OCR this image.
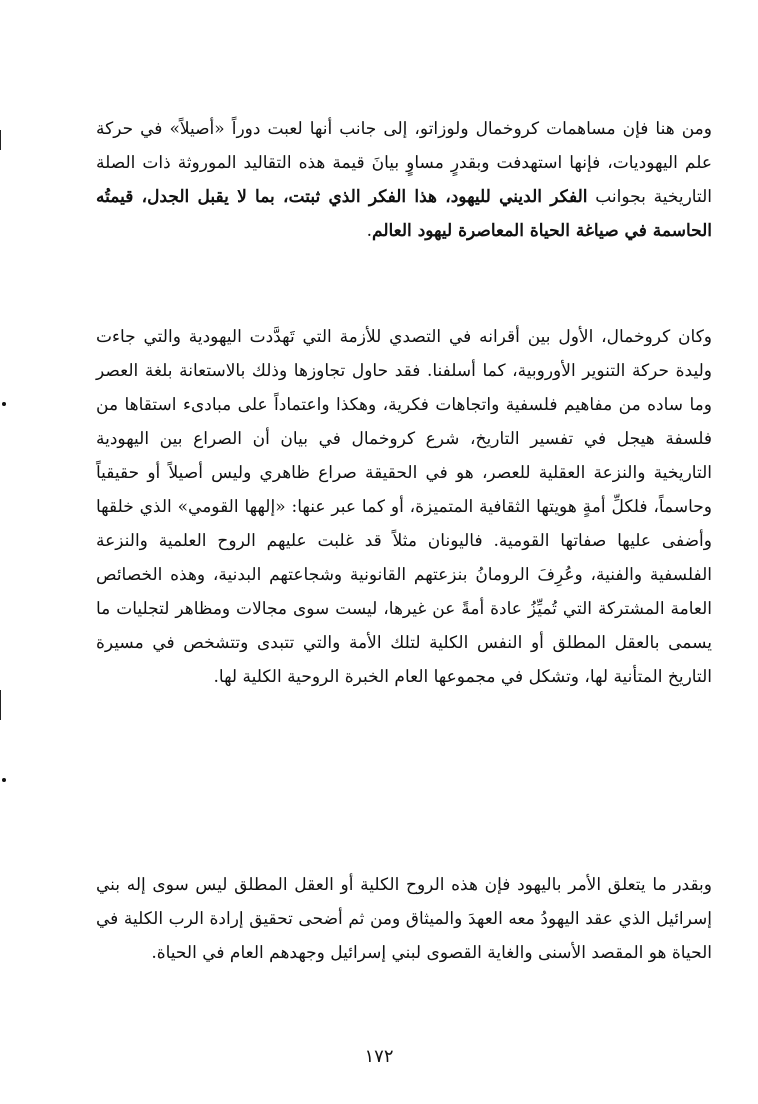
ومن هنا فإن مساهمات كروخمال ولوزاتو، إلى جانب أنها لعبت دوراً «أصيلاً» في حركة علم اليهوديات، فإنها استهدفت وبقدرٍ مساوٍ بيانَ قيمة هذه التقاليد الموروثة ذات الصلة التاريخية بجوانب الفكر الديني لليهود، هذا الفكر الذي ثبتت، بما لا يقبل الجدل، قيمتُه الحاسمة في صياغة الحياة المعاصرة ليهود العالم.

وكان كروخمال، الأول بين أقرانه في التصدي للأزمة التي تَهدَّدت اليهودية والتي جاءت وليدة حركة التنوير الأوروبية، كما أسلفنا. فقد حاول تجاوزها وذلك بالاستعانة بلغة العصر وما ساده من مفاهيم فلسفية واتجاهات فكرية، وهكذا واعتماداً على مبادىء استقاها من فلسفة هيجل في تفسير التاريخ، شرع كروخمال في بيان أن الصراع بين اليهودية التاريخية والنزعة العقلية للعصر، هو في الحقيقة صراع ظاهري وليس أصيلاً أو حقيقياً وحاسماً، فلكلِّ أمةٍ هويتها الثقافية المتميزة، أو كما عبر عنها: «إلهها القومي» الذي خلقها وأضفى عليها صفاتها القومية. فاليونان مثلاً قد غلبت عليهم الروح العلمية والنزعة الفلسفية والفنية، وعُرِفَ الرومانُ بنزعتهم القانونية وشجاعتهم البدنية، وهذه الخصائص العامة المشتركة التي تُميِّزُ عادة أمةً عن غيرها، ليست سوى مجالات ومظاهر لتجليات ما يسمى بالعقل المطلق أو النفس الكلية لتلك الأمة والتي تتبدى وتتشخص في مسيرة التاريخ المتأنية لها، وتشكل في مجموعها العام الخبرة الروحية الكلية لها.

وبقدر ما يتعلق الأمر باليهود فإن هذه الروح الكلية أو العقل المطلق ليس سوى إله بني إسرائيل الذي عقد اليهودُ معه العهدَ والميثاق ومن ثم أضحى تحقيق إرادة الرب الكلية في الحياة هو المقصد الأسنى والغاية القصوى لبني إسرائيل وجهدهم العام في الحياة.

١٧٢
